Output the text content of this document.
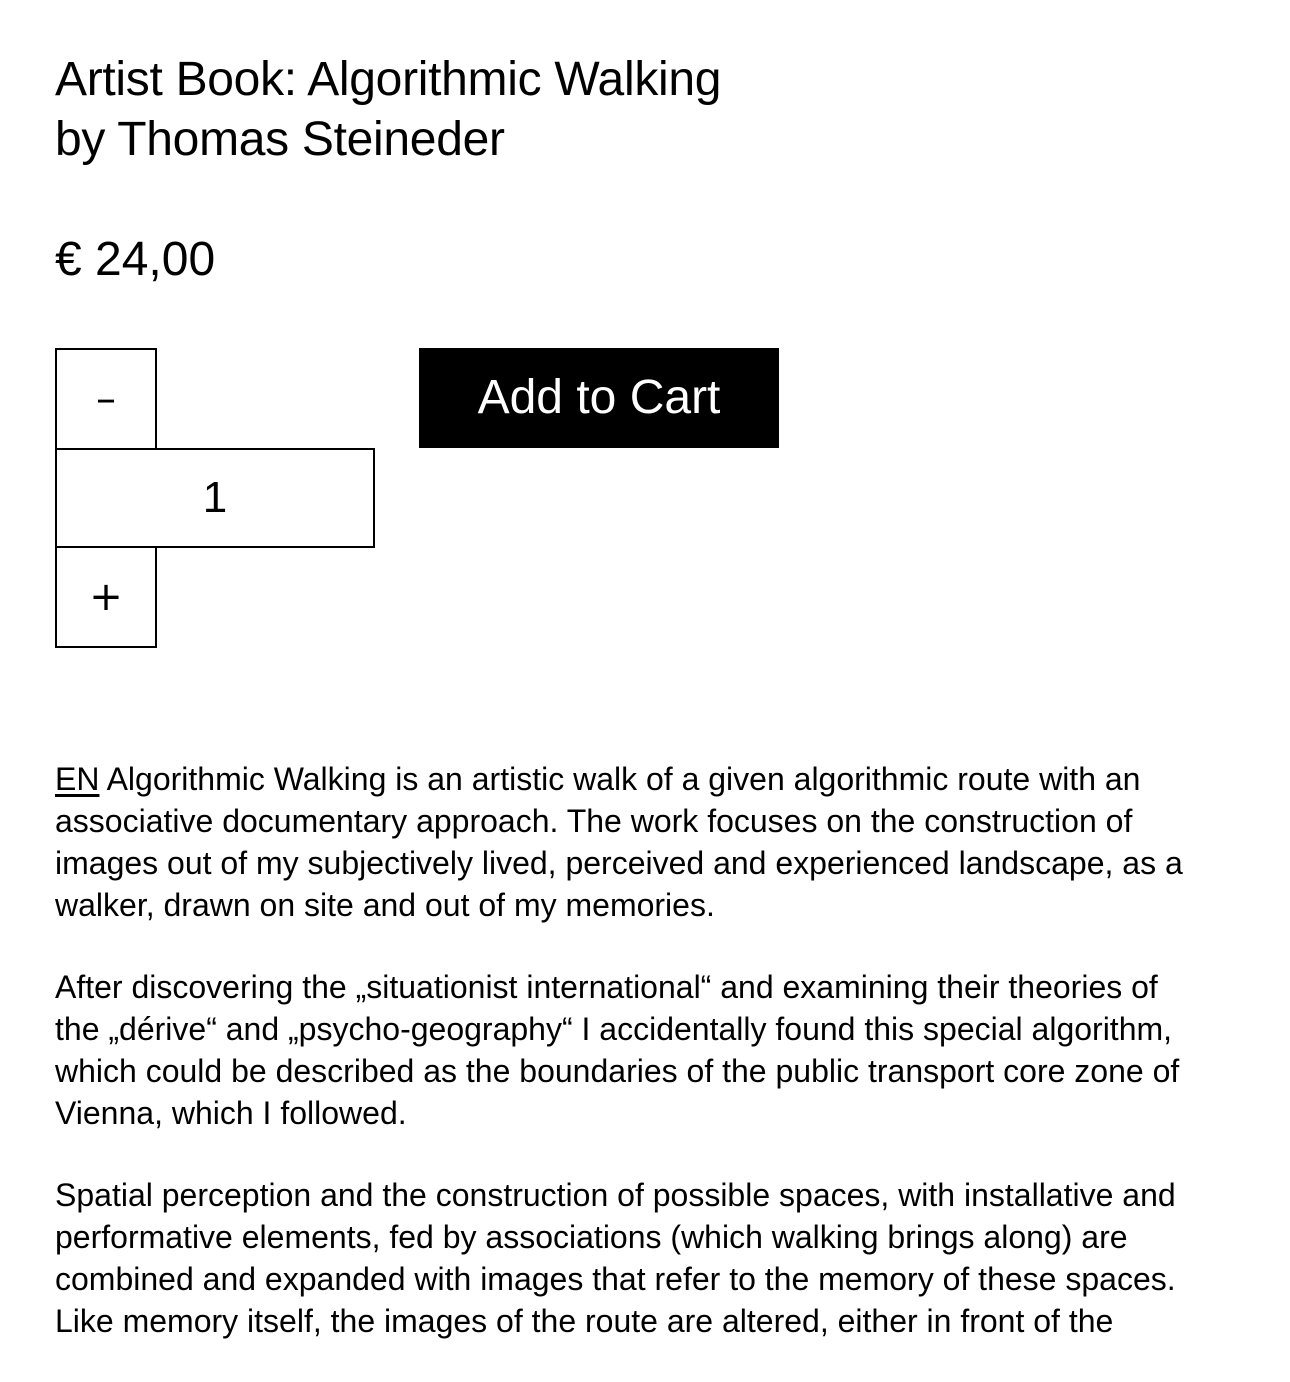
Artist Book: Algorithmic Walking
by Thomas Steineder
€ 24,00
–
1
+
Add to Cart

EN Algorithmic Walking is an artistic walk of a given algorithmic route with an
associative documentary approach. The work focuses on the construction of
images out of my subjectively lived, perceived and experienced landscape, as a
walker, drawn on site and out of my memories.

After discovering the „situationist international“ and examining their theories of
the „dérive“ and „psycho-geography“ I accidentally found this special algorithm,
which could be described as the boundaries of the public transport core zone of
Vienna, which I followed.

Spatial perception and the construction of possible spaces, with installative and
performative elements, fed by associations (which walking brings along) are
combined and expanded with images that refer to the memory of these spaces.
Like memory itself, the images of the route are altered, either in front of the
